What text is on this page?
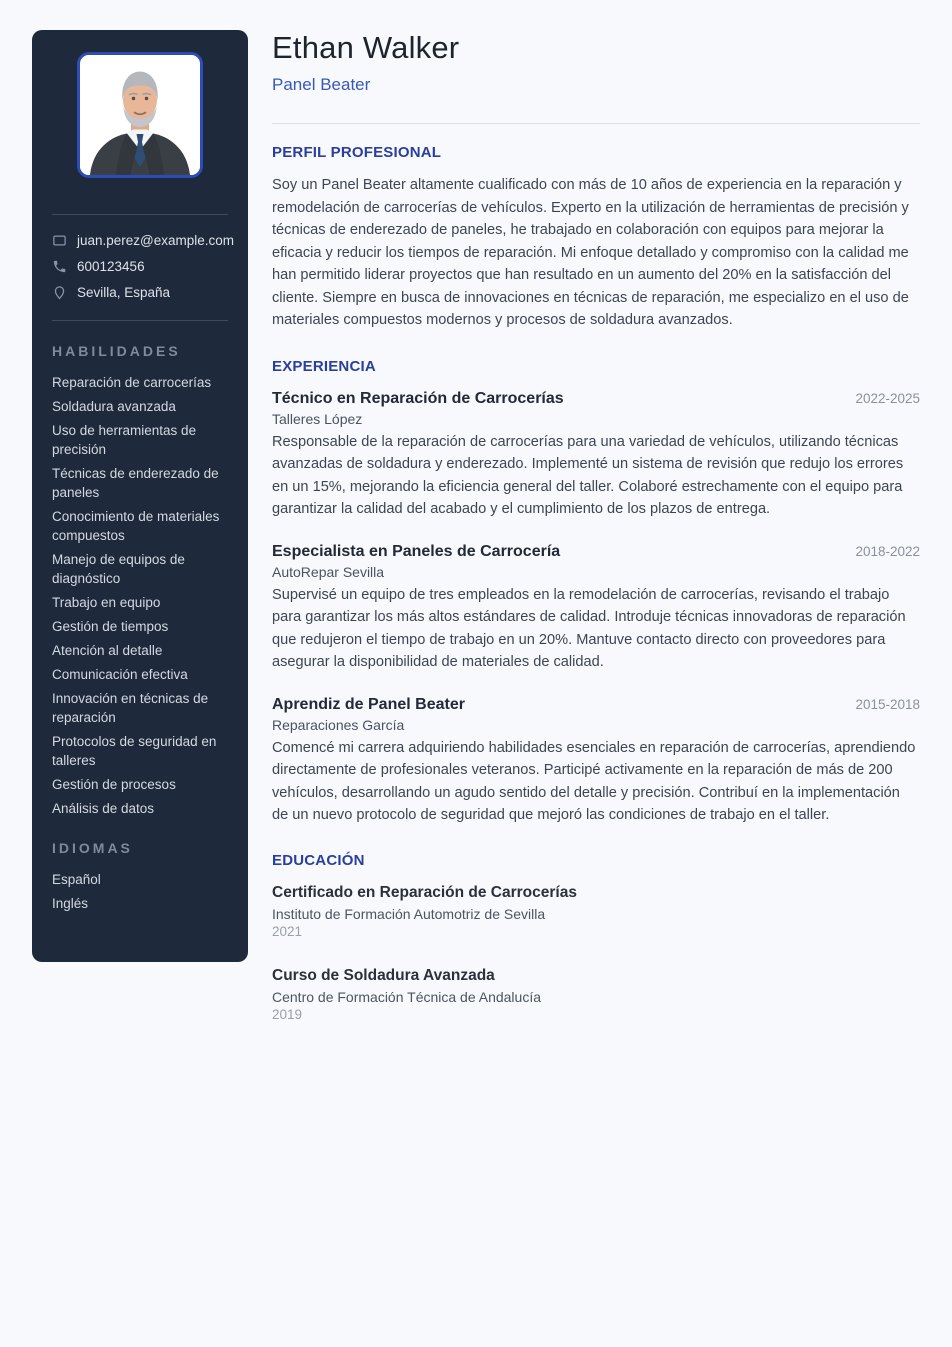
juan.perez@example.com
600123456
Sevilla, España
HABILIDADES
Reparación de carrocerías
Soldadura avanzada
Uso de herramientas de precisión
Técnicas de enderezado de paneles
Conocimiento de materiales compuestos
Manejo de equipos de diagnóstico
Trabajo en equipo
Gestión de tiempos
Atención al detalle
Comunicación efectiva
Innovación en técnicas de reparación
Protocolos de seguridad en talleres
Gestión de procesos
Análisis de datos
IDIOMAS
Español
Inglés
Ethan Walker
Panel Beater
PERFIL PROFESIONAL

Soy un Panel Beater altamente cualificado con más de 10 años de experiencia en la reparación y remodelación de carrocerías de vehículos. Experto en la utilización de herramientas de precisión y técnicas de enderezado de paneles, he trabajado en colaboración con equipos para mejorar la eficacia y reducir los tiempos de reparación. Mi enfoque detallado y compromiso con la calidad me han permitido liderar proyectos que han resultado en un aumento del 20% en la satisfacción del cliente. Siempre en busca de innovaciones en técnicas de reparación, me especializo en el uso de materiales compuestos modernos y procesos de soldadura avanzados.

EXPERIENCIA
Técnico en Reparación de Carrocerías	2022-2025
Talleres López

Responsable de la reparación de carrocerías para una variedad de vehículos, utilizando técnicas avanzadas de soldadura y enderezado. Implementé un sistema de revisión que redujo los errores en un 15%, mejorando la eficiencia general del taller. Colaboré estrechamente con el equipo para garantizar la calidad del acabado y el cumplimiento de los plazos de entrega.

Especialista en Paneles de Carrocería	2018-2022
AutoRepar Sevilla

Supervisé un equipo de tres empleados en la remodelación de carrocerías, revisando el trabajo para garantizar los más altos estándares de calidad. Introduje técnicas innovadoras de reparación que redujeron el tiempo de trabajo en un 20%. Mantuve contacto directo con proveedores para asegurar la disponibilidad de materiales de calidad.

Aprendiz de Panel Beater	2015-2018
Reparaciones García

Comencé mi carrera adquiriendo habilidades esenciales en reparación de carrocerías, aprendiendo directamente de profesionales veteranos. Participé activamente en la reparación de más de 200 vehículos, desarrollando un agudo sentido del detalle y precisión. Contribuí en la implementación de un nuevo protocolo de seguridad que mejoró las condiciones de trabajo en el taller.

EDUCACIÓN
Certificado en Reparación de Carrocerías
Instituto de Formación Automotriz de Sevilla
2021
Curso de Soldadura Avanzada
Centro de Formación Técnica de Andalucía
2019
